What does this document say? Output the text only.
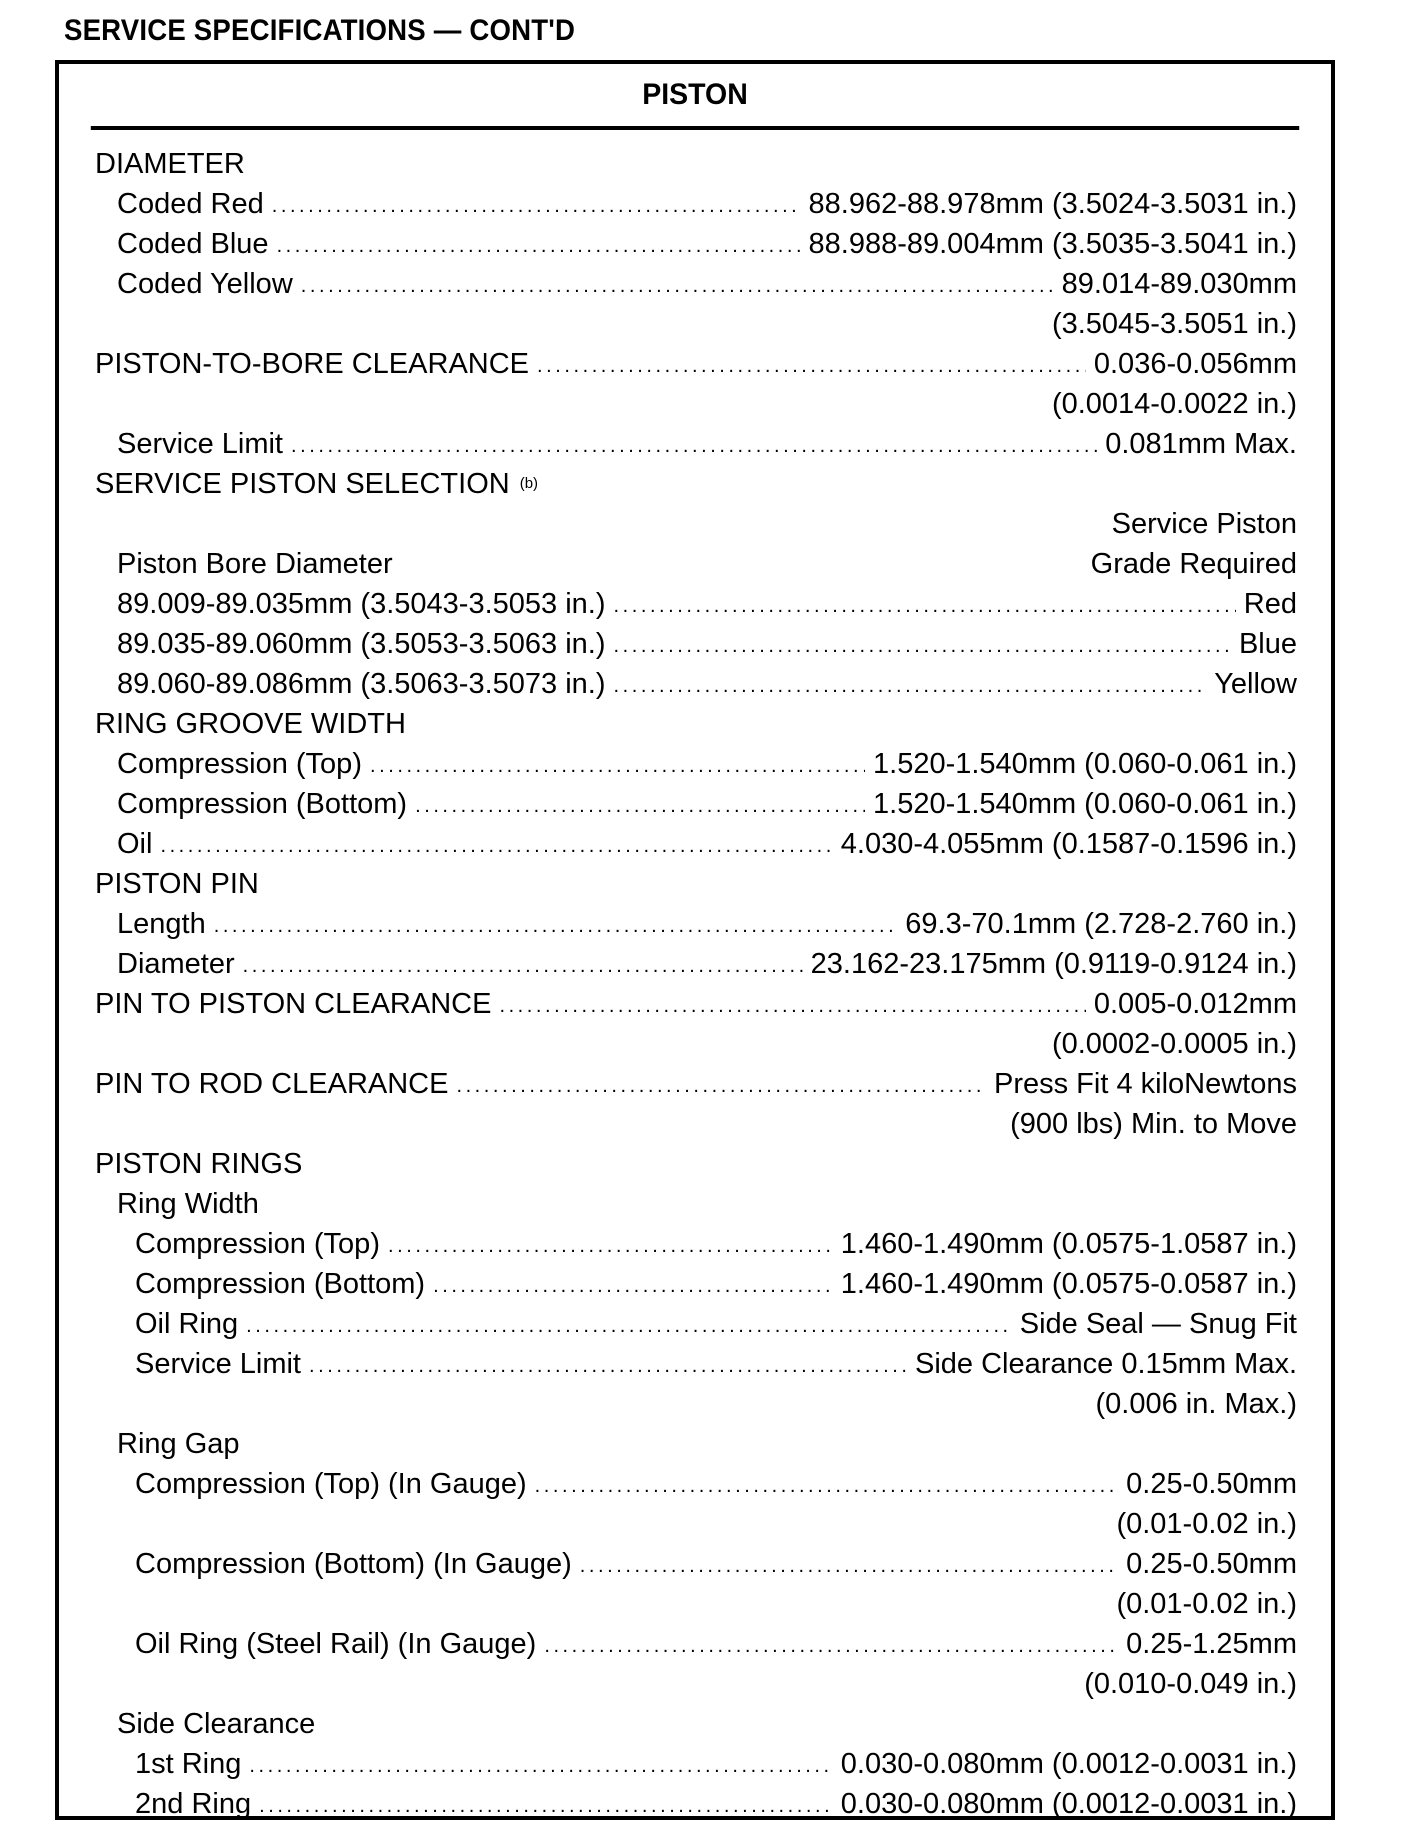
SERVICE SPECIFICATIONS — CONT'D
PISTON
DIAMETER
Coded Red . . .	88.962-88.978mm (3.5024-3.5031 in.)
Coded Blue . . .	88.988-89.004mm (3.5035-3.5041 in.)
Coded Yellow . . .	89.014-89.030mm
(3.5045-3.5051 in.)
PISTON-TO-BORE CLEARANCE . . .	0.036-0.056mm
(0.0014-0.0022 in.)
Service Limit . . .	0.081mm Max.
SERVICE PISTON SELECTION (b)
Service Piston
Piston Bore Diameter	Grade Required
89.009-89.035mm (3.5043-3.5053 in.) . . .	Red
89.035-89.060mm (3.5053-3.5063 in.) . . .	Blue
89.060-89.086mm (3.5063-3.5073 in.) . . .	Yellow
RING GROOVE WIDTH
Compression (Top) . . .	1.520-1.540mm (0.060-0.061 in.)
Compression (Bottom) . . .	1.520-1.540mm (0.060-0.061 in.)
Oil . . .	4.030-4.055mm (0.1587-0.1596 in.)
PISTON PIN
Length . . .	69.3-70.1mm (2.728-2.760 in.)
Diameter . . .	23.162-23.175mm (0.9119-0.9124 in.)
PIN TO PISTON CLEARANCE . . .	0.005-0.012mm
(0.0002-0.0005 in.)
PIN TO ROD CLEARANCE . . .	Press Fit 4 kiloNewtons
(900 lbs) Min. to Move
PISTON RINGS
Ring Width
Compression (Top) . . .	1.460-1.490mm (0.0575-1.0587 in.)
Compression (Bottom) . . .	1.460-1.490mm (0.0575-0.0587 in.)
Oil Ring . . .	Side Seal — Snug Fit
Service Limit . . .	Side Clearance 0.15mm Max.
(0.006 in. Max.)
Ring Gap
Compression (Top) (In Gauge) . . .	0.25-0.50mm
(0.01-0.02 in.)
Compression (Bottom) (In Gauge) . . .	0.25-0.50mm
(0.01-0.02 in.)
Oil Ring (Steel Rail) (In Gauge) . . .	0.25-1.25mm
(0.010-0.049 in.)
Side Clearance
1st Ring . . .	0.030-0.080mm (0.0012-0.0031 in.)
2nd Ring . . .	0.030-0.080mm (0.0012-0.0031 in.)
